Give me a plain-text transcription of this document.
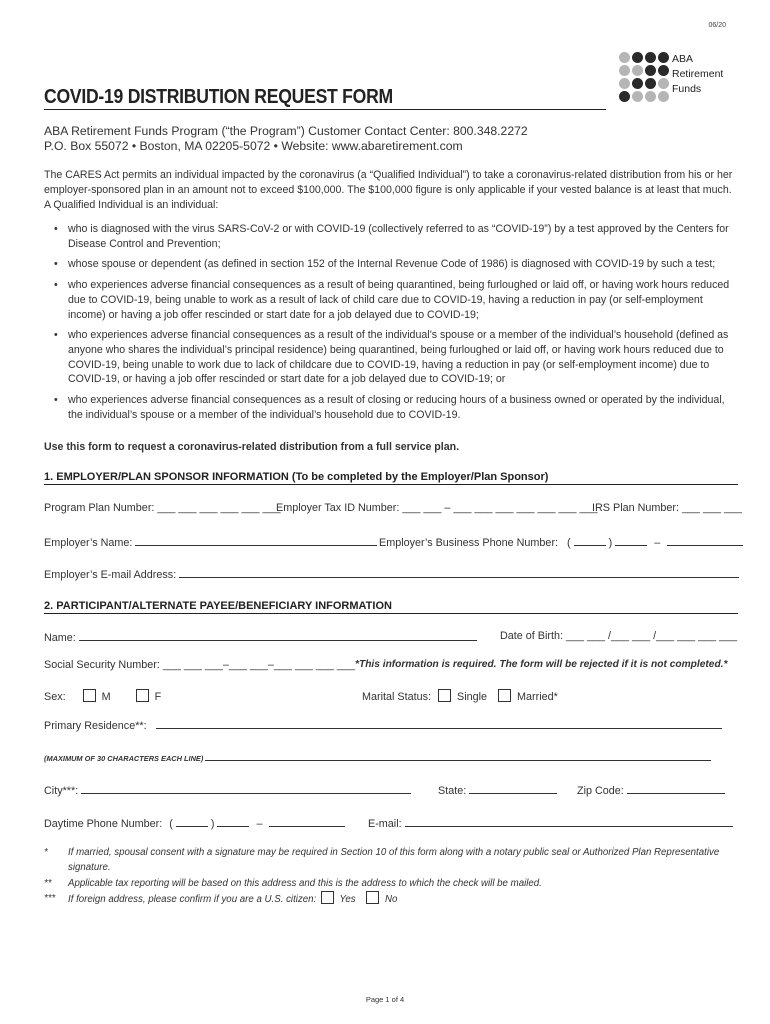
06/20
ABA
Retirement
Funds
COVID-19 DISTRIBUTION REQUEST FORM
ABA Retirement Funds Program (“the Program”) Customer Contact Center: 800.348.2272
P.O. Box 55072 • Boston, MA 02205-5072 • Website: www.abaretirement.com
The CARES Act permits an individual impacted by the coronavirus (a “Qualified Individual”) to take a coronavirus-related distribution from his or her employer-sponsored plan in an amount not to exceed $100,000. The $100,000 figure is only applicable if your vested balance is at least that much. A Qualified Individual is an individual:
• who is diagnosed with the virus SARS-CoV-2 or with COVID-19 (collectively referred to as “COVID-19”) by a test approved by the Centers for Disease Control and Prevention;
• whose spouse or dependent (as defined in section 152 of the Internal Revenue Code of 1986) is diagnosed with COVID-19 by such a test;
• who experiences adverse financial consequences as a result of being quarantined, being furloughed or laid off, or having work hours reduced due to COVID-19, being unable to work as a result of lack of child care due to COVID-19, having a reduction in pay (or self-employment income) or having a job offer rescinded or start date for a job delayed due to COVID-19;
• who experiences adverse financial consequences as a result of the individual’s spouse or a member of the individual’s household (defined as anyone who shares the individual’s principal residence) being quarantined, being furloughed or laid off, or having work hours reduced due to COVID-19, being unable to work due to lack of childcare due to COVID-19, having a reduction in pay (or self-employment income) due to COVID-19, or having a job offer rescinded or start date for a job delayed due to COVID-19; or
• who experiences adverse financial consequences as a result of closing or reducing hours of a business owned or operated by the individual, the individual’s spouse or a member of the individual’s household due to COVID-19.
Use this form to request a coronavirus-related distribution from a full service plan.
1. EMPLOYER/PLAN SPONSOR INFORMATION (To be completed by the Employer/Plan Sponsor)
Program Plan Number: ___ ___ ___ ___ ___ ___
Employer Tax ID Number: ___ ___ – ___ ___ ___ ___ ___ ___ ___
IRS Plan Number: ___ ___ ___
Employer’s Name:	Employer’s Business Phone Number: (	)	–
Employer’s E-mail Address:
2. PARTICIPANT/ALTERNATE PAYEE/BENEFICIARY INFORMATION
Name:	Date of Birth: ___ ___ /___ ___ /___ ___ ___ ___
Social Security Number: ___ ___ ___–___ ___–___ ___ ___ ___ *This information is required. The form will be rejected if it is not completed.*
Sex:	M	F	Marital Status: Single	Married*
Primary Residence**:
(MAXIMUM OF 30 CHARACTERS EACH LINE)
City***:	State:	Zip Code:
Daytime Phone Number: (	)	–	E-mail:
*	If married, spousal consent with a signature may be required in Section 10 of this form along with a notary public seal or Authorized Plan Representative signature.
**	Applicable tax reporting will be based on this address and this is the address to which the check will be mailed.
***	If foreign address, please confirm if you are a U.S. citizen: Yes	No
Page 1 of 4
